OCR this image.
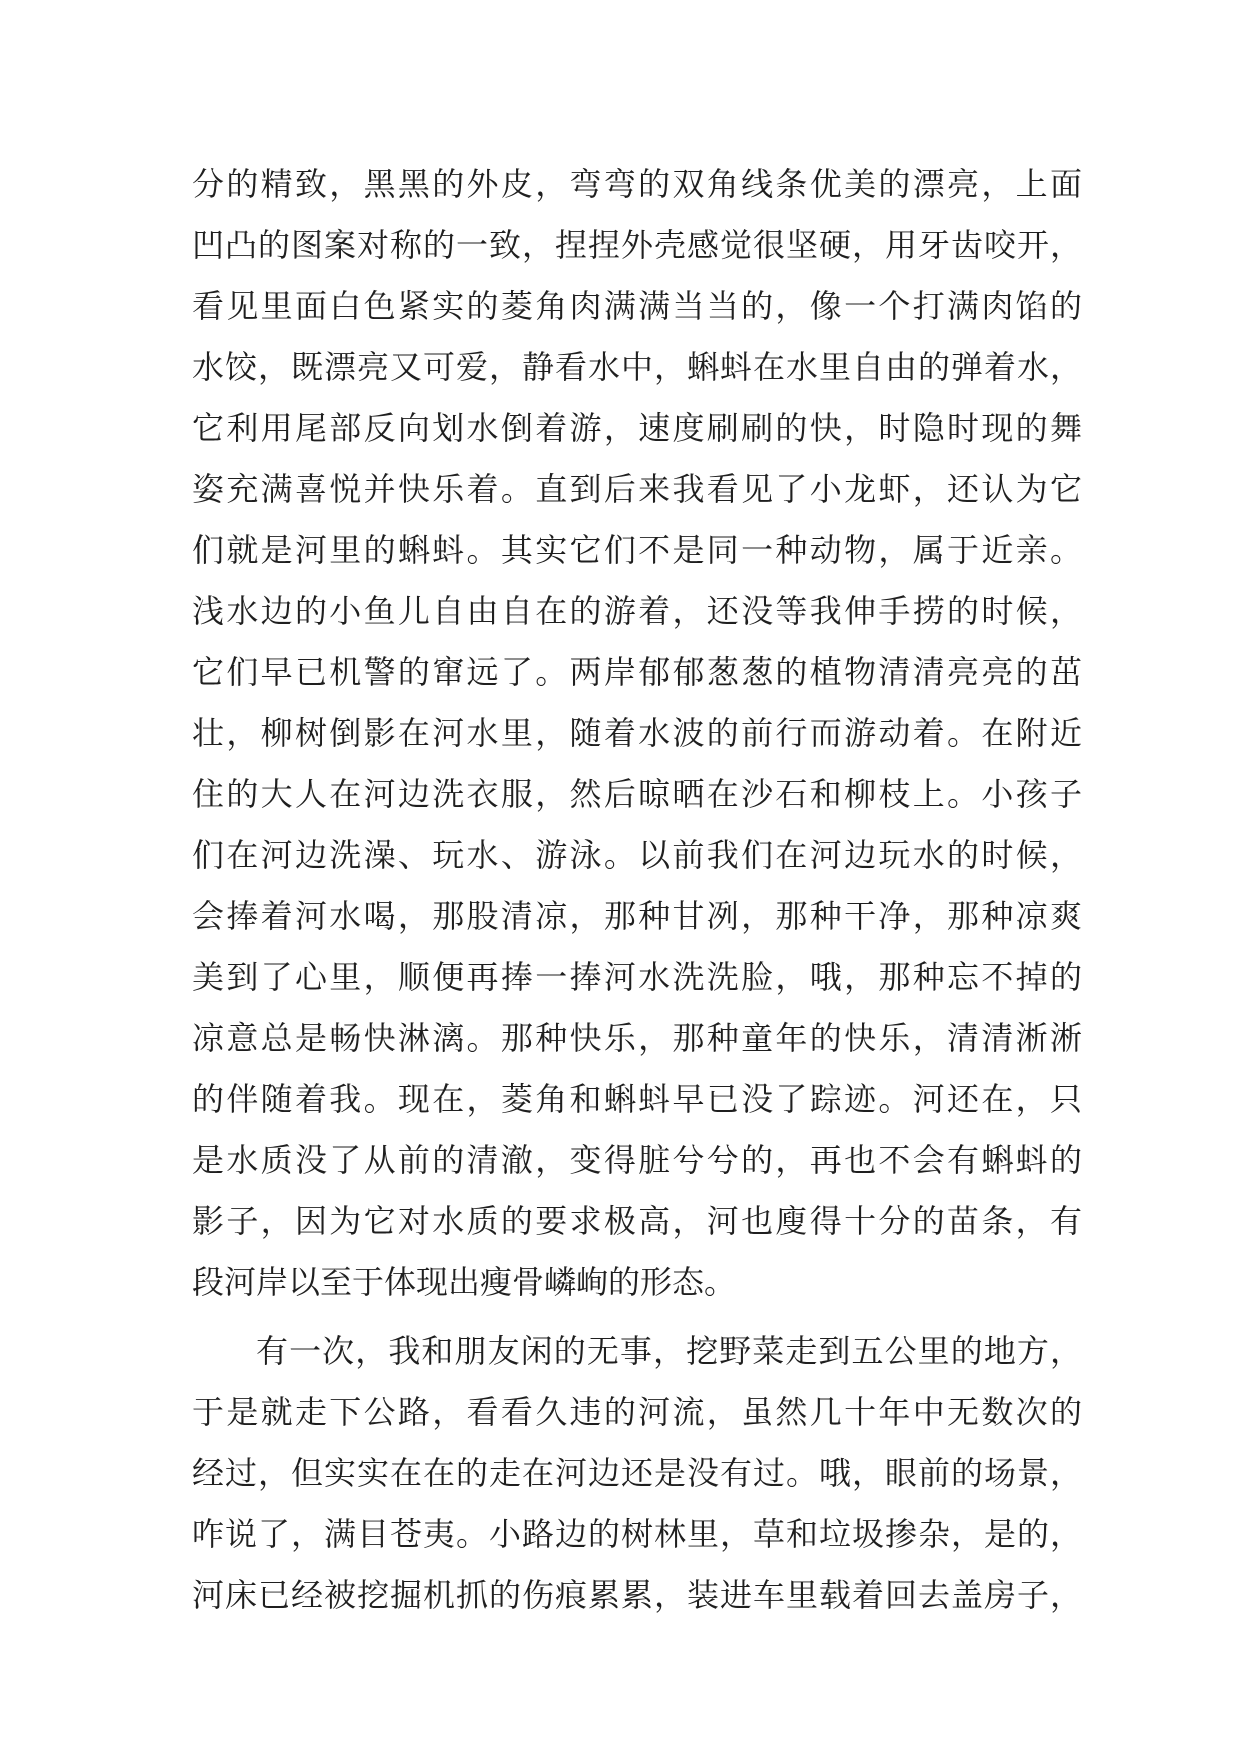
分的精致，黑黑的外皮，弯弯的双角线条优美的漂亮，上面
凹凸的图案对称的一致，捏捏外壳感觉很坚硬，用牙齿咬开，
看见里面白色紧实的菱角肉满满当当的，像一个打满肉馅的
水饺，既漂亮又可爱，静看水中，蝌蚪在水里自由的弹着水，
它利用尾部反向划水倒着游，速度刷刷的快，时隐时现的舞
姿充满喜悦并快乐着。直到后来我看见了小龙虾，还认为它
们就是河里的蝌蚪。其实它们不是同一种动物，属于近亲。
浅水边的小鱼儿自由自在的游着，还没等我伸手捞的时候，
它们早已机警的窜远了。两岸郁郁葱葱的植物清清亮亮的茁
壮，柳树倒影在河水里，随着水波的前行而游动着。在附近
住的大人在河边洗衣服，然后晾晒在沙石和柳枝上。小孩子
们在河边洗澡、玩水、游泳。以前我们在河边玩水的时候，
会捧着河水喝，那股清凉，那种甘冽，那种干净，那种凉爽
美到了心里，顺便再捧一捧河水洗洗脸，哦，那种忘不掉的
凉意总是畅快淋漓。那种快乐，那种童年的快乐，清清淅淅
的伴随着我。现在，菱角和蝌蚪早已没了踪迹。河还在，只
是水质没了从前的清澈，变得脏兮兮的，再也不会有蝌蚪的
影子，因为它对水质的要求极高，河也廋得十分的苗条，有
段河岸以至于体现出瘦骨嶙峋的形态。
有一次，我和朋友闲的无事，挖野菜走到五公里的地方，
于是就走下公路，看看久违的河流，虽然几十年中无数次的
经过，但实实在在的走在河边还是没有过。哦，眼前的场景，
咋说了，满目苍夷。小路边的树林里，草和垃圾掺杂，是的，
河床已经被挖掘机抓的伤痕累累，装进车里载着回去盖房子，
